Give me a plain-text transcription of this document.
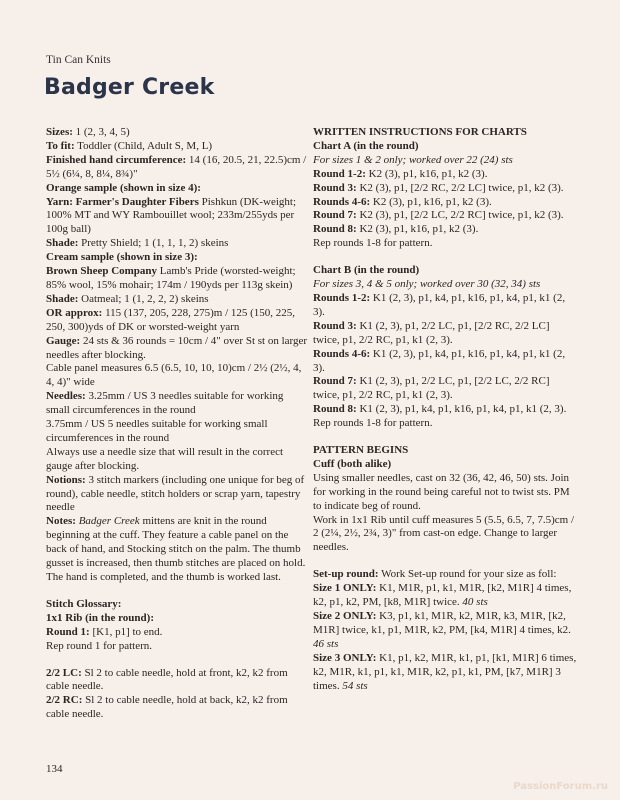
Tin Can Knits
Badger Creek

Sizes: 1 (2, 3, 4, 5)

To fit: Toddler (Child, Adult S, M, L)

Finished hand circumference: 14 (16, 20.5, 21, 22.5)cm / 5½ (6¼, 8, 8¼, 8¾)"

Orange sample (shown in size 4):

Yarn: Farmer's Daughter Fibers Pishkun (DK-weight; 100% MT and WY Rambouillet wool; 233m/255yds per 100g ball)

Shade: Pretty Shield; 1 (1, 1, 1, 2) skeins

Cream sample (shown in size 3):

Brown Sheep Company Lamb's Pride (worsted-weight; 85% wool, 15% mohair; 174m / 190yds per 113g skein)

Shade: Oatmeal; 1 (1, 2, 2, 2) skeins

OR approx: 115 (137, 205, 228, 275)m / 125 (150, 225, 250, 300)yds of DK or worsted-weight yarn

Gauge: 24 sts & 36 rounds = 10cm / 4" over St st on larger needles after blocking.

Cable panel measures 6.5 (6.5, 10, 10, 10)cm / 2½ (2½, 4, 4, 4)" wide

Needles: 3.25mm / US 3 needles suitable for working small circumferences in the round

3.75mm / US 5 needles suitable for working small circumferences in the round

Always use a needle size that will result in the correct gauge after blocking.

Notions: 3 stitch markers (including one unique for beg of round), cable needle, stitch holders or scrap yarn, tapestry needle

Notes: Badger Creek mittens are knit in the round beginning at the cuff. They feature a cable panel on the back of hand, and Stocking stitch on the palm. The thumb gusset is increased, then thumb stitches are placed on hold. The hand is completed, and the thumb is worked last.

Stitch Glossary:

1x1 Rib (in the round):

Round 1: [K1, p1] to end.

Rep round 1 for pattern.

2/2 LC: Sl 2 to cable needle, hold at front, k2, k2 from cable needle.

2/2 RC: Sl 2 to cable needle, hold at back, k2, k2 from cable needle.

WRITTEN INSTRUCTIONS FOR CHARTS

Chart A (in the round)

For sizes 1 & 2 only; worked over 22 (24) sts

Round 1-2: K2 (3), p1, k16, p1, k2 (3).

Round 3: K2 (3), p1, [2/2 RC, 2/2 LC] twice, p1, k2 (3).

Rounds 4-6: K2 (3), p1, k16, p1, k2 (3).

Round 7: K2 (3), p1, [2/2 LC, 2/2 RC] twice, p1, k2 (3).

Round 8: K2 (3), p1, k16, p1, k2 (3).

Rep rounds 1-8 for pattern.

Chart B (in the round)

For sizes 3, 4 & 5 only; worked over 30 (32, 34) sts

Rounds 1-2: K1 (2, 3), p1, k4, p1, k16, p1, k4, p1, k1 (2, 3).

Round 3: K1 (2, 3), p1, 2/2 LC, p1, [2/2 RC, 2/2 LC] twice, p1, 2/2 RC, p1, k1 (2, 3).

Rounds 4-6: K1 (2, 3), p1, k4, p1, k16, p1, k4, p1, k1 (2, 3).

Round 7: K1 (2, 3), p1, 2/2 LC, p1, [2/2 LC, 2/2 RC] twice, p1, 2/2 RC, p1, k1 (2, 3).

Round 8: K1 (2, 3), p1, k4, p1, k16, p1, k4, p1, k1 (2, 3).

Rep rounds 1-8 for pattern.

PATTERN BEGINS

Cuff (both alike)

Using smaller needles, cast on 32 (36, 42, 46, 50) sts. Join for working in the round being careful not to twist sts. PM to indicate beg of round.

Work in 1x1 Rib until cuff measures 5 (5.5, 6.5, 7, 7.5)cm / 2 (2¼, 2½, 2¾, 3)" from cast-on edge. Change to larger needles.

Set-up round: Work Set-up round for your size as foll:

Size 1 ONLY: K1, M1R, p1, k1, M1R, [k2, M1R] 4 times, k2, p1, k2, PM, [k8, M1R] twice. 40 sts

Size 2 ONLY: K3, p1, k1, M1R, k2, M1R, k3, M1R, [k2, M1R] twice, k1, p1, M1R, k2, PM, [k4, M1R] 4 times, k2. 46 sts

Size 3 ONLY: K1, p1, k2, M1R, k1, p1, [k1, M1R] 6 times, k2, M1R, k1, p1, k1, M1R, k2, p1, k1, PM, [k7, M1R] 3 times. 54 sts

134
PassionForum.ru
